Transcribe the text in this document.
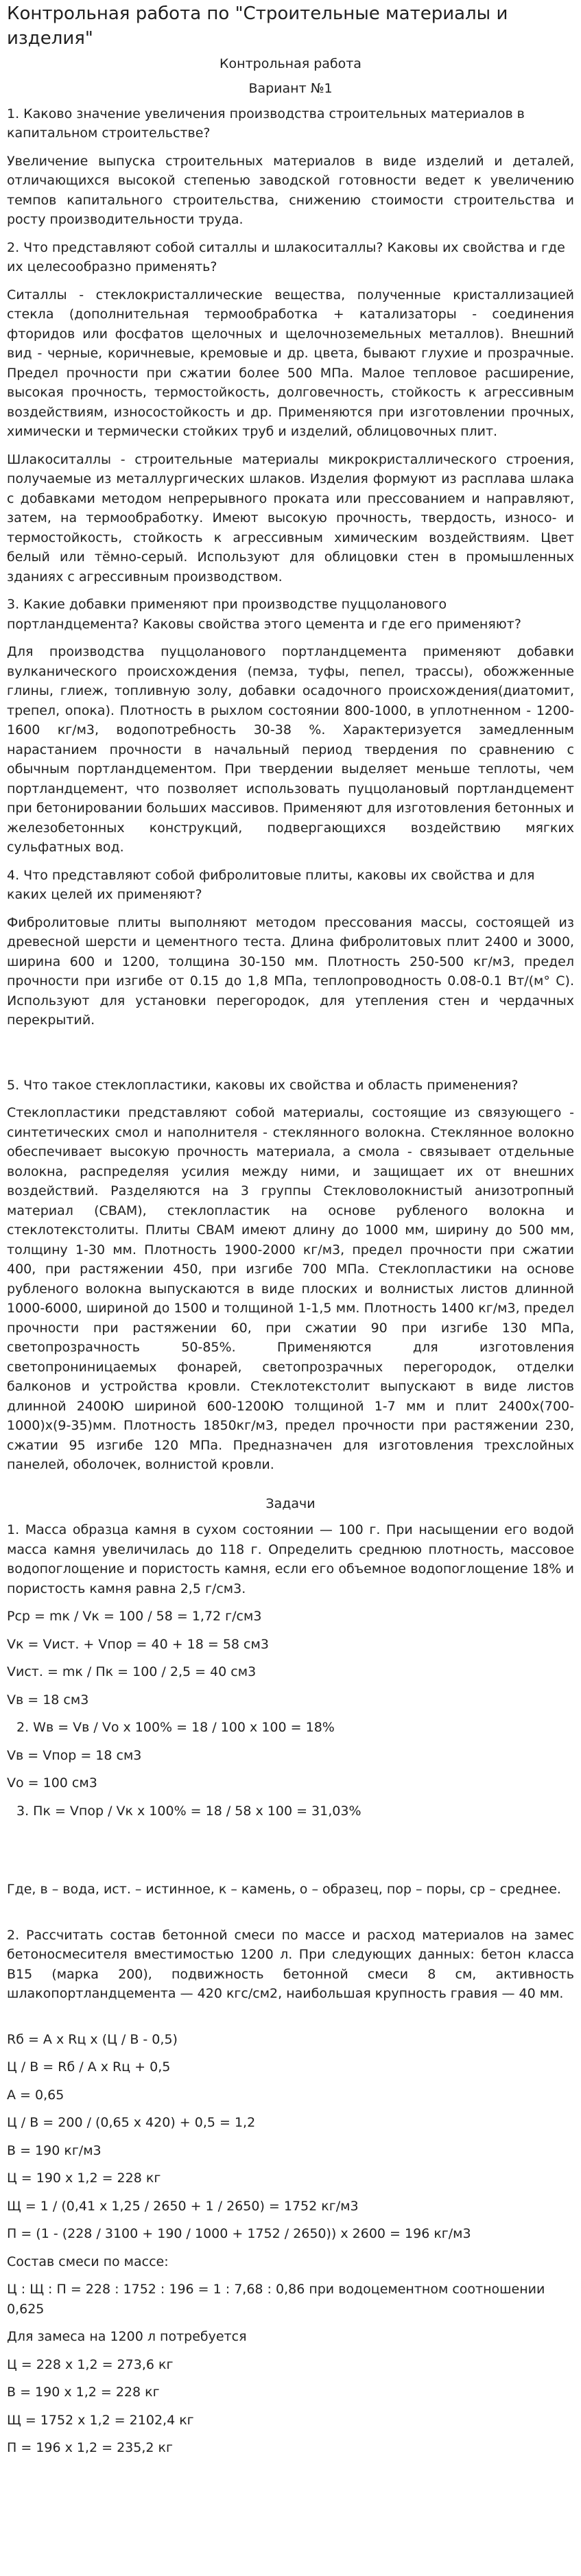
Контрольная работа по "Строительные материалы и изделия"
Контрольная работа
Вариант №1
1. Каково значение увеличения производства строительных материалов в капитальном строительстве?
Увеличение выпуска строительных материалов в виде изделий и деталей, отличающихся высокой степенью заводской готовности ведет к увеличению темпов капитального строительства, снижению стоимости строительства и росту производительности труда.
2. Что представляют собой ситаллы и шлакоситаллы? Каковы их свойства и где их целесообразно применять?
Ситаллы - стеклокристаллические вещества, полученные кристаллизацией стекла (дополнительная термообработка + катализаторы - соединения фторидов или фосфатов щелочных и щелочноземельных металлов). Внешний вид - черные, коричневые, кремовые и др. цвета, бывают глухие и прозрачные. Предел прочности при сжатии более 500 МПа. Малое тепловое расширение, высокая прочность, термостойкость, долговечность, стойкость к агрессивным воздействиям, износостойкость и др. Применяются при изготовлении прочных, химически и термически стойких труб и изделий, облицовочных плит.
Шлакоситаллы - строительные материалы микрокристаллического строения, получаемые из металлургических шлаков. Изделия формуют из расплава шлака с добавками методом непрерывного проката или прессованием и направляют, затем, на термообработку. Имеют высокую прочность, твердость, износо- и термостойкость, стойкость к агрессивным химическим воздействиям. Цвет белый или тёмно-серый. Используют для облицовки стен в промышленных зданиях с агрессивным производством.
3. Какие добавки применяют при производстве пуццоланового портландцемента? Каковы свойства этого цемента и где его применяют?
Для производства пуццоланового портландцемента применяют добавки вулканического происхождения (пемза, туфы, пепел, трассы), обожженные глины, глиеж, топливную золу, добавки осадочного происхождения(диатомит, трепел, опока). Плотность в рыхлом состоянии 800-1000, в уплотненном - 1200-1600 кг/м3, водопотребность 30-38 %. Характеризуется замедленным нарастанием прочности в начальный период твердения по сравнению с обычным портландцементом. При твердении выделяет меньше теплоты, чем портландцемент, что позволяет использовать пуццолановый портландцемент при бетонировании больших массивов. Применяют для изготовления бетонных и железобетонных конструкций, подвергающихся воздействию мягких сульфатных вод.
4. Что представляют собой фибролитовые плиты, каковы их свойства и для каких целей их применяют?
Фибролитовые плиты выполняют методом прессования массы, состоящей из древесной шерсти и цементного теста. Длина фибролитовых плит 2400 и 3000, ширина 600 и 1200, толщина 30-150 мм. Плотность 250-500 кг/м3, предел прочности при изгибе от 0.15 до 1,8 МПа, теплопроводность 0.08-0.1 Вт/(м° С). Используют для установки перегородок, для утепления стен и чердачных перекрытий.
5. Что такое стеклопластики, каковы их свойства и область применения?
Стеклопластики представляют собой материалы, состоящие из связующего - синтетических смол и наполнителя - стеклянного волокна. Стеклянное волокно обеспечивает высокую прочность материала, а смола - связывает отдельные волокна, распределяя усилия между ними, и защищает их от внешних воздействий. Разделяются на 3 группы Стекловолокнистый анизотропный материал (СВАМ), стеклопластик на основе рубленого волокна и стеклотекстолиты. Плиты СВАМ имеют длину до 1000 мм, ширину до 500 мм, толщину 1-30 мм. Плотность 1900-2000 кг/м3, предел прочности при сжатии 400, при растяжении 450, при изгибе 700 МПа. Стеклопластики на основе рубленого волокна выпускаются в виде плоских и волнистых листов длинной 1000-6000, шириной до 1500 и толщиной 1-1,5 мм. Плотность 1400 кг/м3, предел прочности при растяжении 60, при сжатии 90 при изгибе 130 МПа, светопрозрачность 50-85%. Применяются для изготовления светопрониницаемых фонарей, светопрозрачных перегородок, отделки балконов и устройства кровли. Стеклотекстолит выпускают в виде листов длинной 2400Ю шириной 600-1200Ю толщиной 1-7 мм и плит 2400х(700-1000)х(9-35)мм. Плотность 1850кг/м3, предел прочности при растяжении 230, сжатии 95 изгибе 120 МПа. Предназначен для изготовления трехслойных панелей, оболочек, волнистой кровли.
Задачи
1. Масса образца камня в сухом состоянии — 100 г. При насыщении его водой масса камня увеличилась до 118 г. Определить среднюю плотность, массовое водопоглощение и пористость камня, если его объемное водопоглощение 18% и пористость камня равна 2,5 г/см3.
Рср = mк / Vк = 100 / 58 = 1,72 г/см3
Vк = Vист. + Vпор = 40 + 18 = 58 см3
Vист. = mк / Пк = 100 / 2,5 = 40 см3
Vв = 18 см3
2. Wв = Vв / Vо х 100% = 18 / 100 х 100 = 18%
Vв = Vпор = 18 см3
Vо = 100 см3
3. Пк = Vпор / Vк х 100% = 18 / 58 х 100 = 31,03%
Где, в – вода, ист. – истинное, к – камень, о – образец, пор – поры, ср – среднее.
2. Рассчитать состав бетонной смеси по массе и расход материалов на замес бетоносмесителя вместимостью 1200 л. При следующих данных: бетон класса В15 (марка 200), подвижность бетонной смеси 8 см, активность шлакопортландцемента — 420 кгс/см2, наибольшая крупность гравия — 40 мм.
Rб = А х Rц х (Ц / В - 0,5)
Ц / В = Rб / А х Rц + 0,5
А = 0,65
Ц / В = 200 / (0,65 х 420) + 0,5 = 1,2
В = 190 кг/м3
Ц = 190 х 1,2 = 228 кг
Щ = 1 / (0,41 х 1,25 / 2650 + 1 / 2650) = 1752 кг/м3
П = (1 - (228 / 3100 + 190 / 1000 + 1752 / 2650)) х 2600 = 196 кг/м3
Состав смеси по массе:
Ц : Щ : П = 228 : 1752 : 196 = 1 : 7,68 : 0,86 при водоцементном соотношении 0,625
Для замеса на 1200 л потребуется
Ц = 228 х 1,2 = 273,6 кг
В = 190 х 1,2 = 228 кг
Щ = 1752 х 1,2 = 2102,4 кг
П = 196 х 1,2 = 235,2 кг
